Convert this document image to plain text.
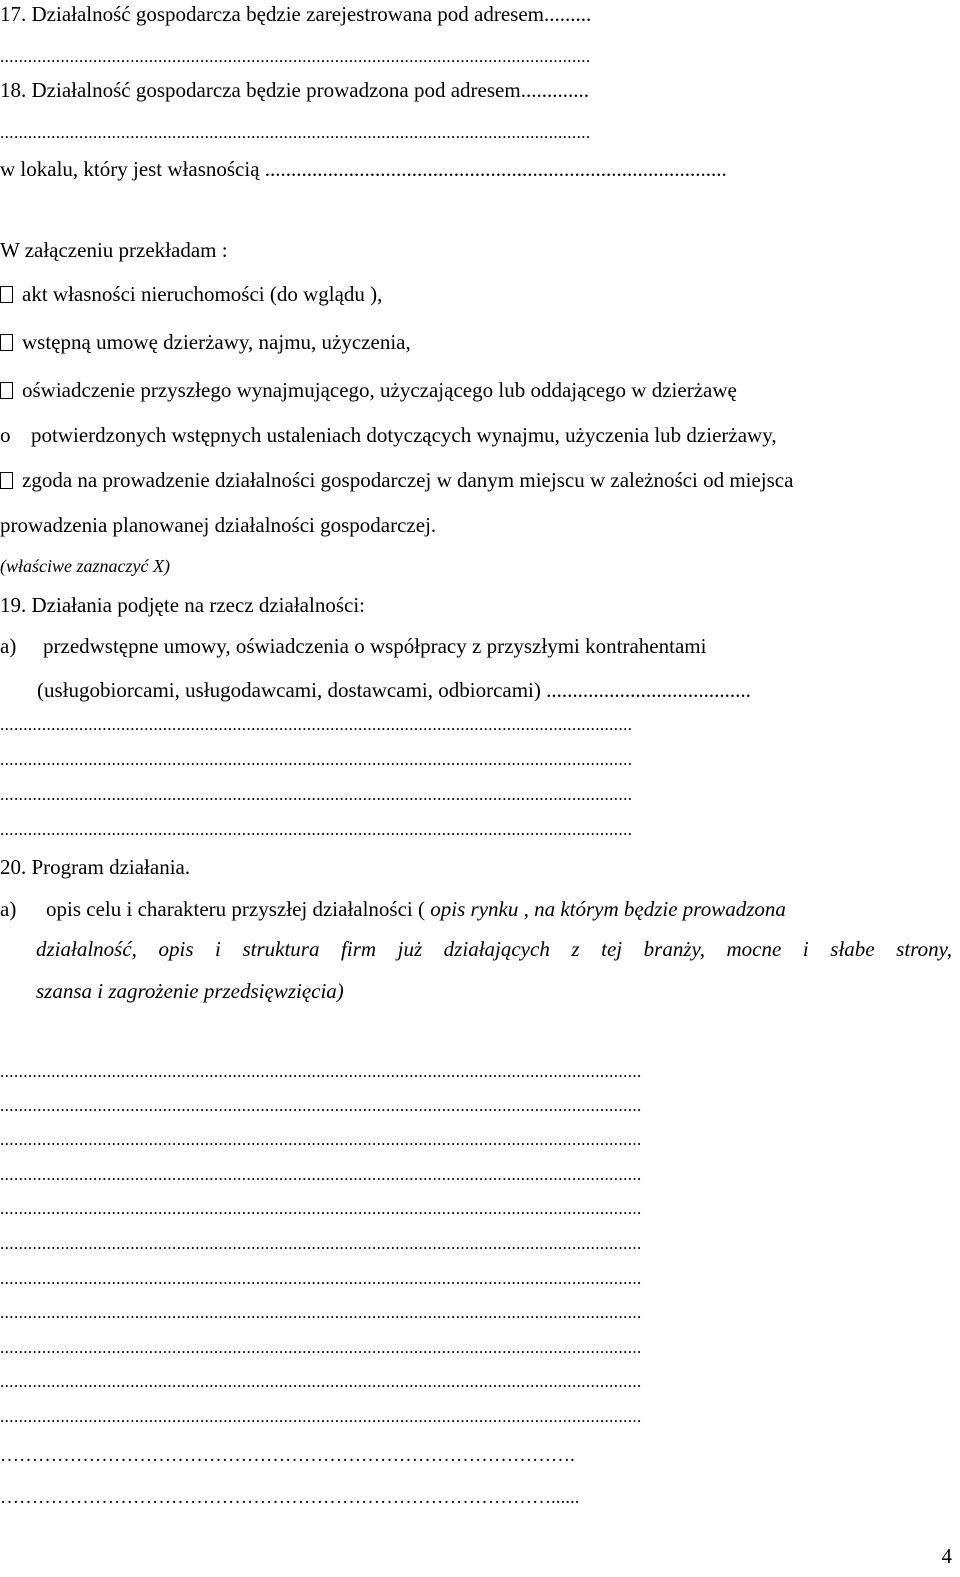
17. Działalność gospodarcza będzie zarejestrowana pod adresem.........
...............................................................................................................................
18. Działalność gospodarcza będzie prowadzona pod adresem.............
...............................................................................................................................
w lokalu, który jest własnością ........................................................................................
W załączeniu przekładam :
akt własności nieruchomości (do wglądu ),
wstępną umowę dzierżawy, najmu, użyczenia,
oświadczenie przyszłego wynajmującego, użyczającego lub oddającego w dzierżawę
o potwierdzonych wstępnych ustaleniach dotyczących wynajmu, użyczenia lub dzierżawy,
zgoda na prowadzenie działalności gospodarczej w danym miejscu w zależności od miejsca
prowadzenia planowanej działalności gospodarczej.
(właściwe zaznaczyć X)
19. Działania podjęte na rzecz działalności:
a) przedwstępne umowy, oświadczenia o współpracy z przyszłymi kontrahentami
(usługobiorcami, usługodawcami, dostawcami, odbiorcami) .......................................
........................................................................................................................................
........................................................................................................................................
........................................................................................................................................
........................................................................................................................................
20. Program działania.
a) opis celu i charakteru przyszłej działalności ( opis rynku , na którym będzie prowadzona
działalność, opis i struktura firm już działających z tej branży, mocne i słabe strony,
szansa i zagrożenie przedsięwzięcia)
..........................................................................................................................................
..........................................................................................................................................
..........................................................................................................................................
..........................................................................................................................................
..........................................................................................................................................
..........................................................................................................................................
..........................................................................................................................................
..........................................................................................................................................
..........................................................................................................................................
..........................................................................................................................................
..........................................................................................................................................
……………………………………………………………………………….
……………………………………………………………………………......
4
